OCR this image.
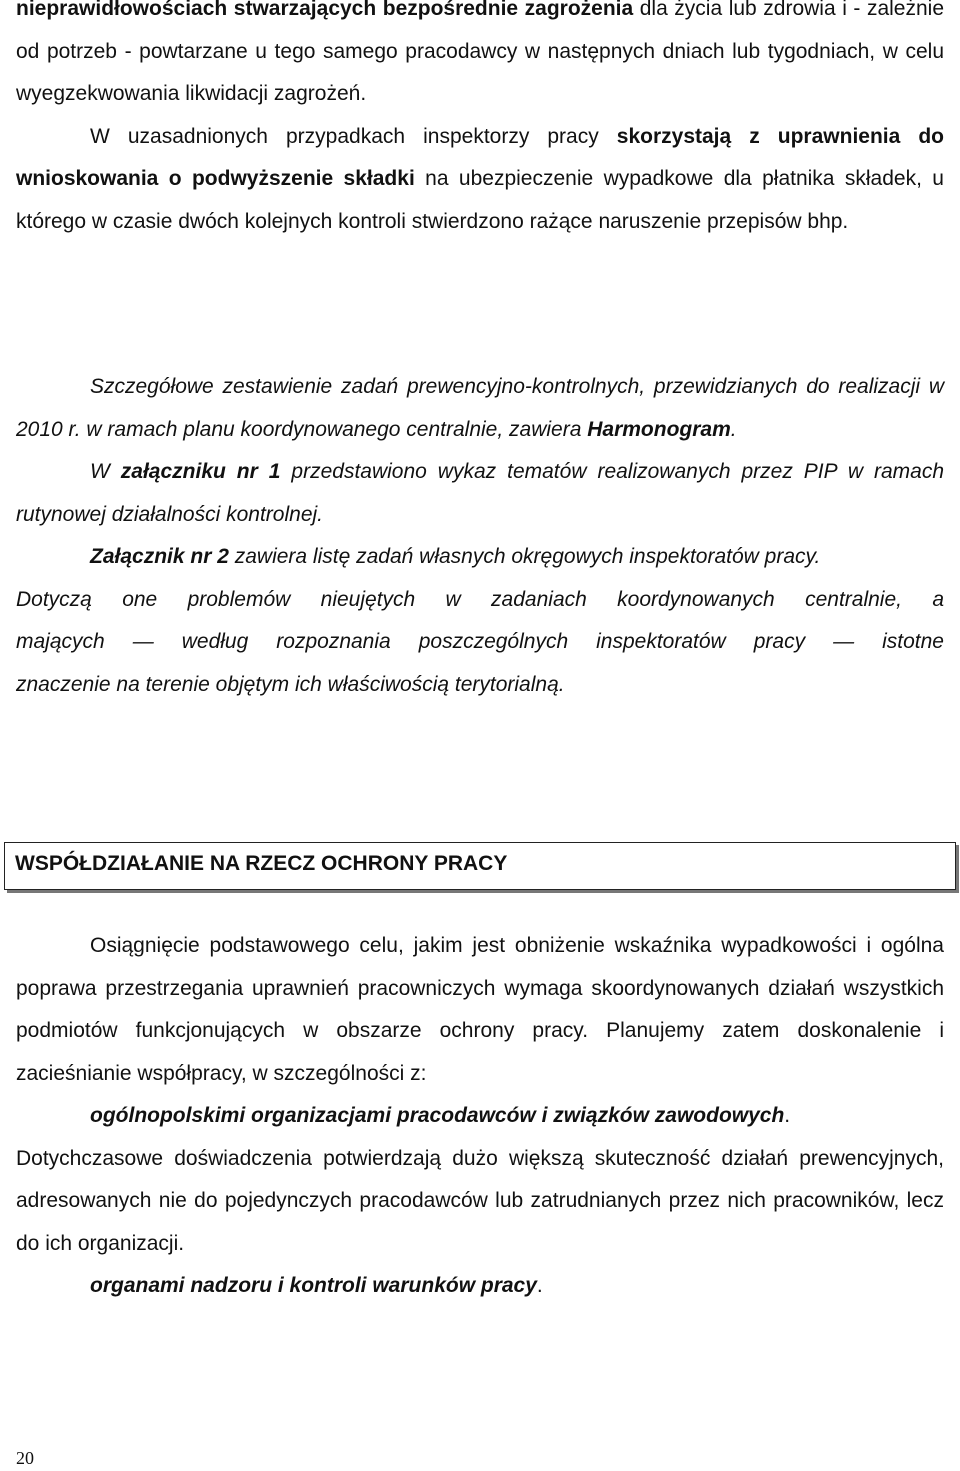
nieprawidłowościach stwarzających bezpośrednie zagrożenia dla życia lub zdrowia i - zależnie od potrzeb - powtarzane u tego samego pracodawcy w następnych dniach lub tygodniach, w celu wyegzekwowania likwidacji zagrożeń.
W uzasadnionych przypadkach inspektorzy pracy skorzystają z uprawnienia do wnioskowania o podwyższenie składki na ubezpieczenie wypadkowe dla płatnika składek, u którego w czasie dwóch kolejnych kontroli stwierdzono rażące naruszenie przepisów bhp.

Szczegółowe zestawienie zadań prewencyjno-kontrolnych, przewidzianych do realizacji w 2010 r. w ramach planu koordynowanego centralnie, zawiera Harmonogram.

W załączniku nr 1 przedstawiono wykaz tematów realizowanych przez PIP w ramach rutynowej działalności kontrolnej.

Załącznik nr 2 zawiera listę zadań własnych okręgowych inspektoratów pracy.

Dotyczą one problemów nieujętych w zadaniach koordynowanych centralnie, a

mających — według rozpoznania poszczególnych inspektoratów pracy — istotne

znaczenie na terenie objętym ich właściwością terytorialną.

WSPÓŁDZIAŁANIE NA RZECZ OCHRONY PRACY

Osiągnięcie podstawowego celu, jakim jest obniżenie wskaźnika wypadkowości i ogólna poprawa przestrzegania uprawnień pracowniczych wymaga skoordynowanych działań wszystkich podmiotów funkcjonujących w obszarze ochrony pracy. Planujemy zatem doskonalenie i zacieśnianie współpracy, w szczególności z:

ogólnopolskimi organizacjami pracodawców i związków zawodowych.

Dotychczasowe doświadczenia potwierdzają dużo większą skuteczność działań prewencyjnych, adresowanych nie do pojedynczych pracodawców lub zatrudnianych przez nich pracowników, lecz do ich organizacji.

organami nadzoru i kontroli warunków pracy.

20
